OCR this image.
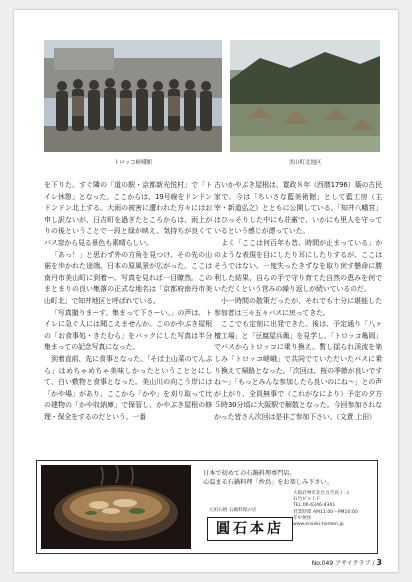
トロッコ嵯峨駅	美山町北地区

を下りた。すぐ隣の「道の駅・京都新光悦村」で「トイレ休憩」となった。ここからは、19号線をドンドンドンドン北上する。大雨の被害に遭われた方々にはお申し訳ないが、日吉町を過ぎたところからは、雨上がりの後ということで一段と緑が映え、気持ちが良くてバス窓から見る景色も素晴らしい。

「あっ！」と思わず外の方角を見つけ、その先の山裾を歩かれた途端、日本の原風景が広がった。ここは南丹市美山町に到着ー。写真を見れば一目瞭然。このまとまりの良い集落の正式な地名は「京都府南丹市美山町北」で知井地区と呼ばれている。

「写真撮りまーす。集まって下さーい。」の声は、トイレに急ぐ人には聞こえませんか。このかやぶき屋根の「お食事処・きたむら」をバックにした写真は半分集まっての記念写真になった。

到着直前、先に食事となった。「そば土山菜のてんぷら」はめちゃめちゃ美味しかったということとにして、白い敷物と食事となった。美山川の向こう岸には「かや場」があり、ここから「かや」を刈り取って比の建物の「かや収納庫」で保管し、かやぶき屋根の修理・保全をするのだという。一番

古いかやぶき屋根は、寛政８年（西暦1796）築の古民家で、今は「ちいさな藍美術館」として藍工房（主宰・新道弘之）とともに公開している。「知井八幡宮」はひっそりした中にも荘厳で、いかにも里人を守っているという感じが漂っていた。

よく「ここは何百年も昔、時間が止まっている」かのような表現を目にしたり耳にしたりするが、ここはそうではない。一度失ったきずなを取り戻す懸命に勝利した結果、自らの手で守り育てた自然の恵みを何でいただくという営みの繰り返しが続いているのだ。

小一時間の散策だったが、それでも十分に堪能した参加者は三々五々バスに戻ってきた。

ここでも定刻に出発できた。後は、予定通り「八ヶ檀工場」と「豆腐屋兵衛」を見学し、「トロッコ亀岡」でバスからトロッコに乗り換え。暫し揺られ渓流を楽しみ「トロッコ嵯峨」で共同でていただいたバスに乗り換えて帰路となった。「次回は、桜の季節が良いですね〜」「もっとみんな参加したら良いのにね〜」との声が上がり、全員無事で（これがなにより）予定の夕方５時30分頃に大阪駅で解散となった。今回参加されなかった皆さん次回は是非ご参加下さい。（文責 上田）

日本で初めての石鍋料理専門店。
心温まる石鍋料理「炒鳥」をお楽しみ下さい。
大阪府堺市北区百舌鳥１-２
石竹ビル１Ｆ
TEL.06-6346-4341
営業時間 AM11:00〜PM10:00
年中無休
www.enseki-honten.jp
元祖石焼 石鍋料理の店
圓石本店
No.049 アサイクラブ / 3
